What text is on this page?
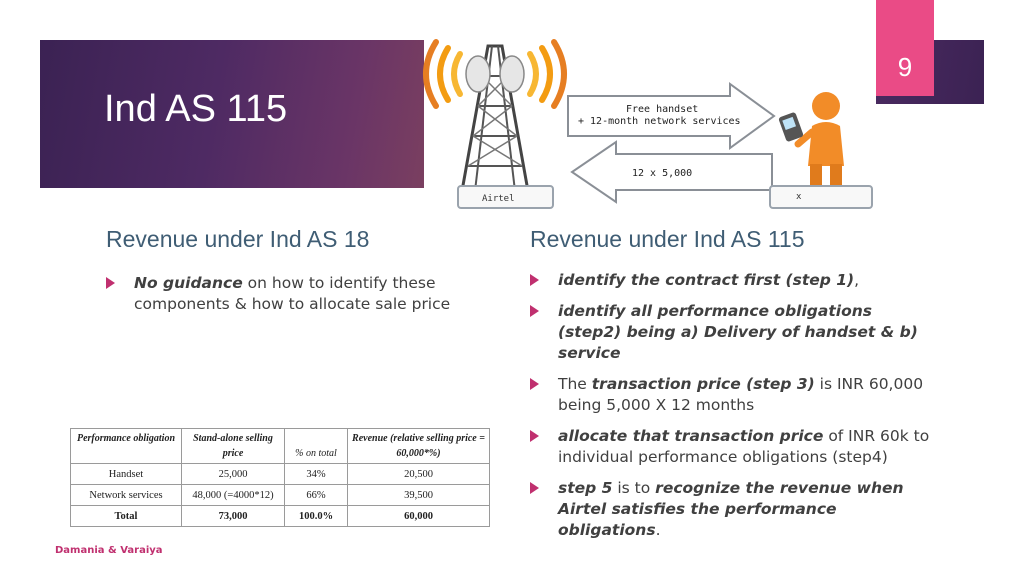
9
Ind AS 115
Airtel
Free handset
+ 12-month network services
12 x 5,000
x
Revenue under Ind AS 18
No guidance on how to identify these components & how to allocate sale price
Revenue under Ind AS 115
identify the contract first (step 1),
identify all performance obligations (step2) being a) Delivery of handset & b) service
The transaction price (step 3) is INR 60,000 being 5,000 X 12 months
allocate that transaction price of INR 60k to individual performance obligations (step4)
step 5 is to recognize the revenue when Airtel satisfies the performance obligations.
Performance obligation	Stand-alone selling price	% on total	Revenue (relative selling price = 60,000*%)
Handset	25,000	34%	20,500
Network services	48,000 (=4000*12)	66%	39,500
Total	73,000	100.0%	60,000
Damania & Varaiya
